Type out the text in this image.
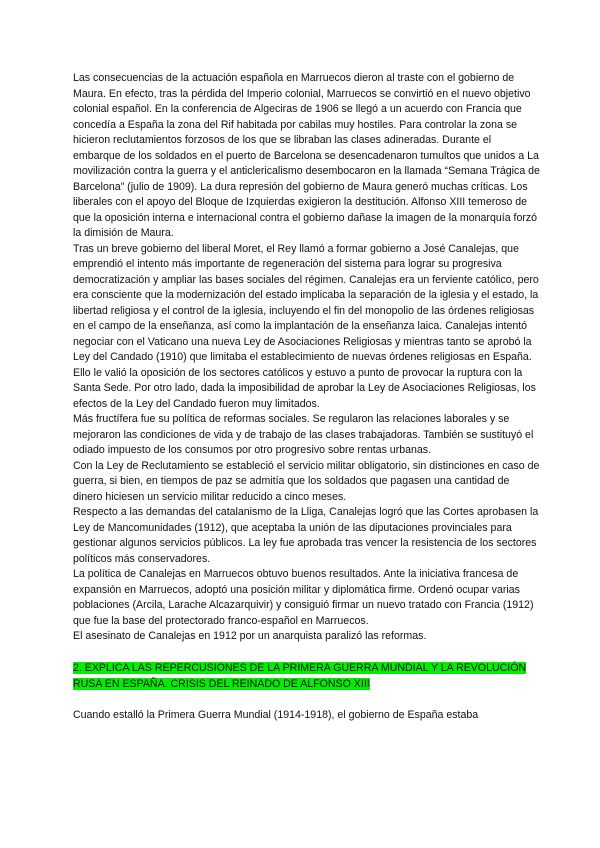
Las consecuencias de la actuación española en Marruecos dieron al traste con el gobierno de Maura. En efecto, tras la pérdida del Imperio colonial, Marruecos se convirtió en el nuevo objetivo colonial español. En la conferencia de Algeciras de 1906 se llegó a un acuerdo con Francia que concedía a España la zona del Rif habitada por cabilas muy hostiles. Para controlar la zona se hicieron reclutamientos forzosos de los que se libraban las clases adineradas. Durante el embarque de los soldados en el puerto de Barcelona se desencadenaron tumultos que unidos a La movilización contra la guerra y el anticlericalismo desembocaron en la llamada “Semana Trágica de Barcelona” (julio de 1909). La dura represión del gobierno de Maura generó muchas críticas. Los liberales con el apoyo del Bloque de Izquierdas exigieron la destitución. Alfonso XIII temeroso de que la oposición interna e internacional contra el gobierno dañase la imagen de la monarquía forzó la dimisión de Maura.

Tras un breve gobierno del liberal Moret, el Rey llamó a formar gobierno a José Canalejas, que emprendió el intento más importante de regeneración del sistema para lograr su progresiva democratización y ampliar las bases sociales del régimen. Canalejas era un ferviente católico, pero era consciente que la modernización del estado implicaba la separación de la iglesia y el estado, la libertad religiosa y el control de la iglesia, incluyendo el fin del monopolio de las órdenes religiosas en el campo de la enseñanza, así como la implantación de la enseñanza laica. Canalejas intentó negociar con el Vaticano una nueva Ley de Asociaciones Religiosas y mientras tanto se aprobó la Ley del Candado (1910) que limitaba el establecimiento de nuevas órdenes religiosas en España. Ello le valió la oposición de los sectores católicos y estuvo a punto de provocar la ruptura con la Santa Sede. Por otro lado, dada la imposibilidad de aprobar la Ley de Asociaciones Religiosas, los efectos de la Ley del Candado fueron muy limitados.

Más fructífera fue su política de reformas sociales. Se regularon las relaciones laborales y se mejoraron las condiciones de vida y de trabajo de las clases trabajadoras. También se sustituyó el odiado impuesto de los consumos por otro progresivo sobre rentas urbanas.

Con la Ley de Reclutamiento se estableció el servicio militar obligatorio, sin distinciones en caso de guerra, si bien, en tiempos de paz se admitía que los soldados que pagasen una cantidad de dinero hiciesen un servicio militar reducido a cinco meses.

Respecto a las demandas del catalanismo de la Lliga, Canalejas logró que las Cortes aprobasen la Ley de Mancomunidades (1912), que aceptaba la unión de las diputaciones provinciales para gestionar algunos servicios públicos. La ley fue aprobada tras vencer la resistencia de los sectores políticos más conservadores.

La política de Canalejas en Marruecos obtuvo buenos resultados. Ante la iniciativa francesa de expansión en Marruecos, adoptó una posición militar y diplomática firme. Ordenó ocupar varias poblaciones (Arcila, Larache Alcazarquivir) y consiguió firmar un nuevo tratado con Francia (1912) que fue la base del protectorado franco-español en Marruecos.

El asesinato de Canalejas en 1912 por un anarquista paralizó las reformas.

2. EXPLICA LAS REPERCUSIONES DE LA PRIMERA GUERRA MUNDIAL Y LA REVOLUCIÓN RUSA EN ESPAÑA. CRISIS DEL REINADO DE ALFONSO XIII

Cuando estalló la Primera Guerra Mundial (1914-1918), el gobierno de España estaba
